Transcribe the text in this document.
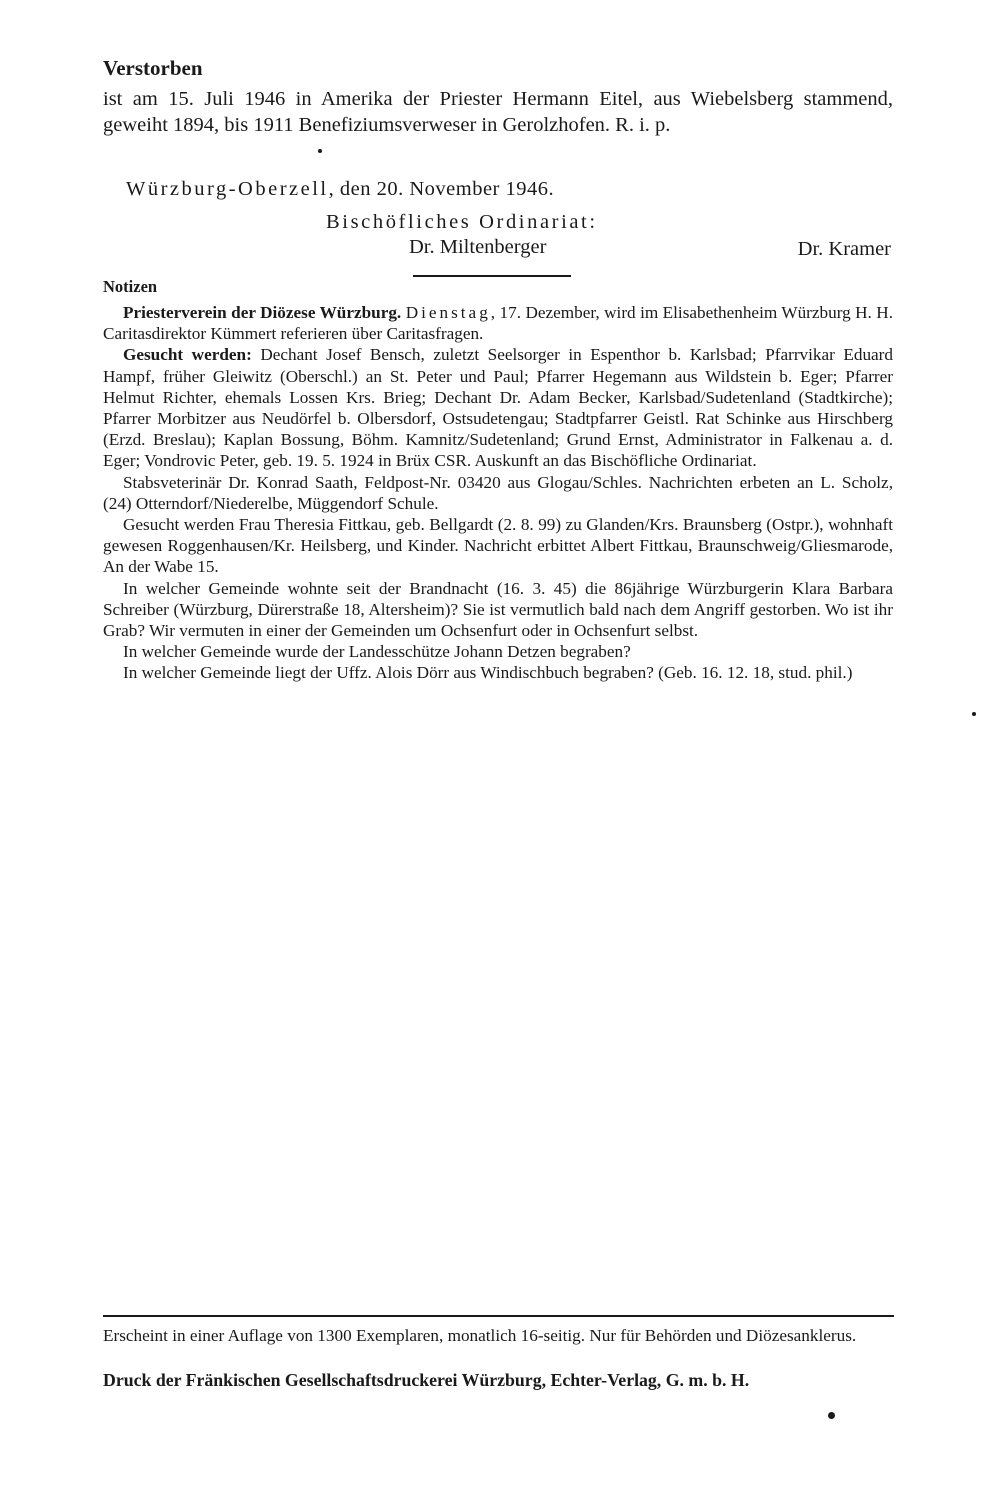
Verstorben
ist am 15. Juli 1946 in Amerika der Priester Hermann Eitel, aus Wiebelsberg stammend, geweiht 1894, bis 1911 Benefiziumsverweser in Gerolzhofen. R. i. p.
Würzburg-Oberzell, den 20. November 1946.
Bischöfliches Ordinariat:
Dr. Miltenberger	Dr. Kramer
Notizen

Priesterverein der Diözese Würzburg. Dienstag, 17. Dezember, wird im Elisabethenheim Würzburg H. H. Caritasdirektor Kümmert referieren über Caritasfragen.

Gesucht werden: Dechant Josef Bensch, zuletzt Seelsorger in Espenthor b. Karlsbad; Pfarrvikar Eduard Hampf, früher Gleiwitz (Oberschl.) an St. Peter und Paul; Pfarrer Hegemann aus Wildstein b. Eger; Pfarrer Helmut Richter, ehemals Lossen Krs. Brieg; Dechant Dr. Adam Becker, Karlsbad/Sudetenland (Stadtkirche); Pfarrer Morbitzer aus Neudörfel b. Olbersdorf, Ostsudetengau; Stadtpfarrer Geistl. Rat Schinke aus Hirschberg (Erzd. Breslau); Kaplan Bossung, Böhm. Kamnitz/Sudetenland; Grund Ernst, Administrator in Falkenau a. d. Eger; Vondrovic Peter, geb. 19. 5. 1924 in Brüx CSR. Auskunft an das Bischöfliche Ordinariat.

Stabsveterinär Dr. Konrad Saath, Feldpost-Nr. 03420 aus Glogau/Schles. Nachrichten erbeten an L. Scholz, (24) Otterndorf/Niederelbe, Müggendorf Schule.

Gesucht werden Frau Theresia Fittkau, geb. Bellgardt (2. 8. 99) zu Glanden/Krs. Braunsberg (Ostpr.), wohnhaft gewesen Roggenhausen/Kr. Heilsberg, und Kinder. Nachricht erbittet Albert Fittkau, Braunschweig/Gliesmarode, An der Wabe 15.

In welcher Gemeinde wohnte seit der Brandnacht (16. 3. 45) die 86jährige Würzburgerin Klara Barbara Schreiber (Würzburg, Dürerstraße 18, Altersheim)? Sie ist vermutlich bald nach dem Angriff gestorben. Wo ist ihr Grab? Wir vermuten in einer der Gemeinden um Ochsenfurt oder in Ochsenfurt selbst.

In welcher Gemeinde wurde der Landesschütze Johann Detzen begraben?

In welcher Gemeinde liegt der Uffz. Alois Dörr aus Windischbuch begraben? (Geb. 16. 12. 18, stud. phil.)

Erscheint in einer Auflage von 1300 Exemplaren, monatlich 16-seitig. Nur für Behörden und Diözesanklerus.
Druck der Fränkischen Gesellschaftsdruckerei Würzburg, Echter-Verlag, G. m. b. H.
